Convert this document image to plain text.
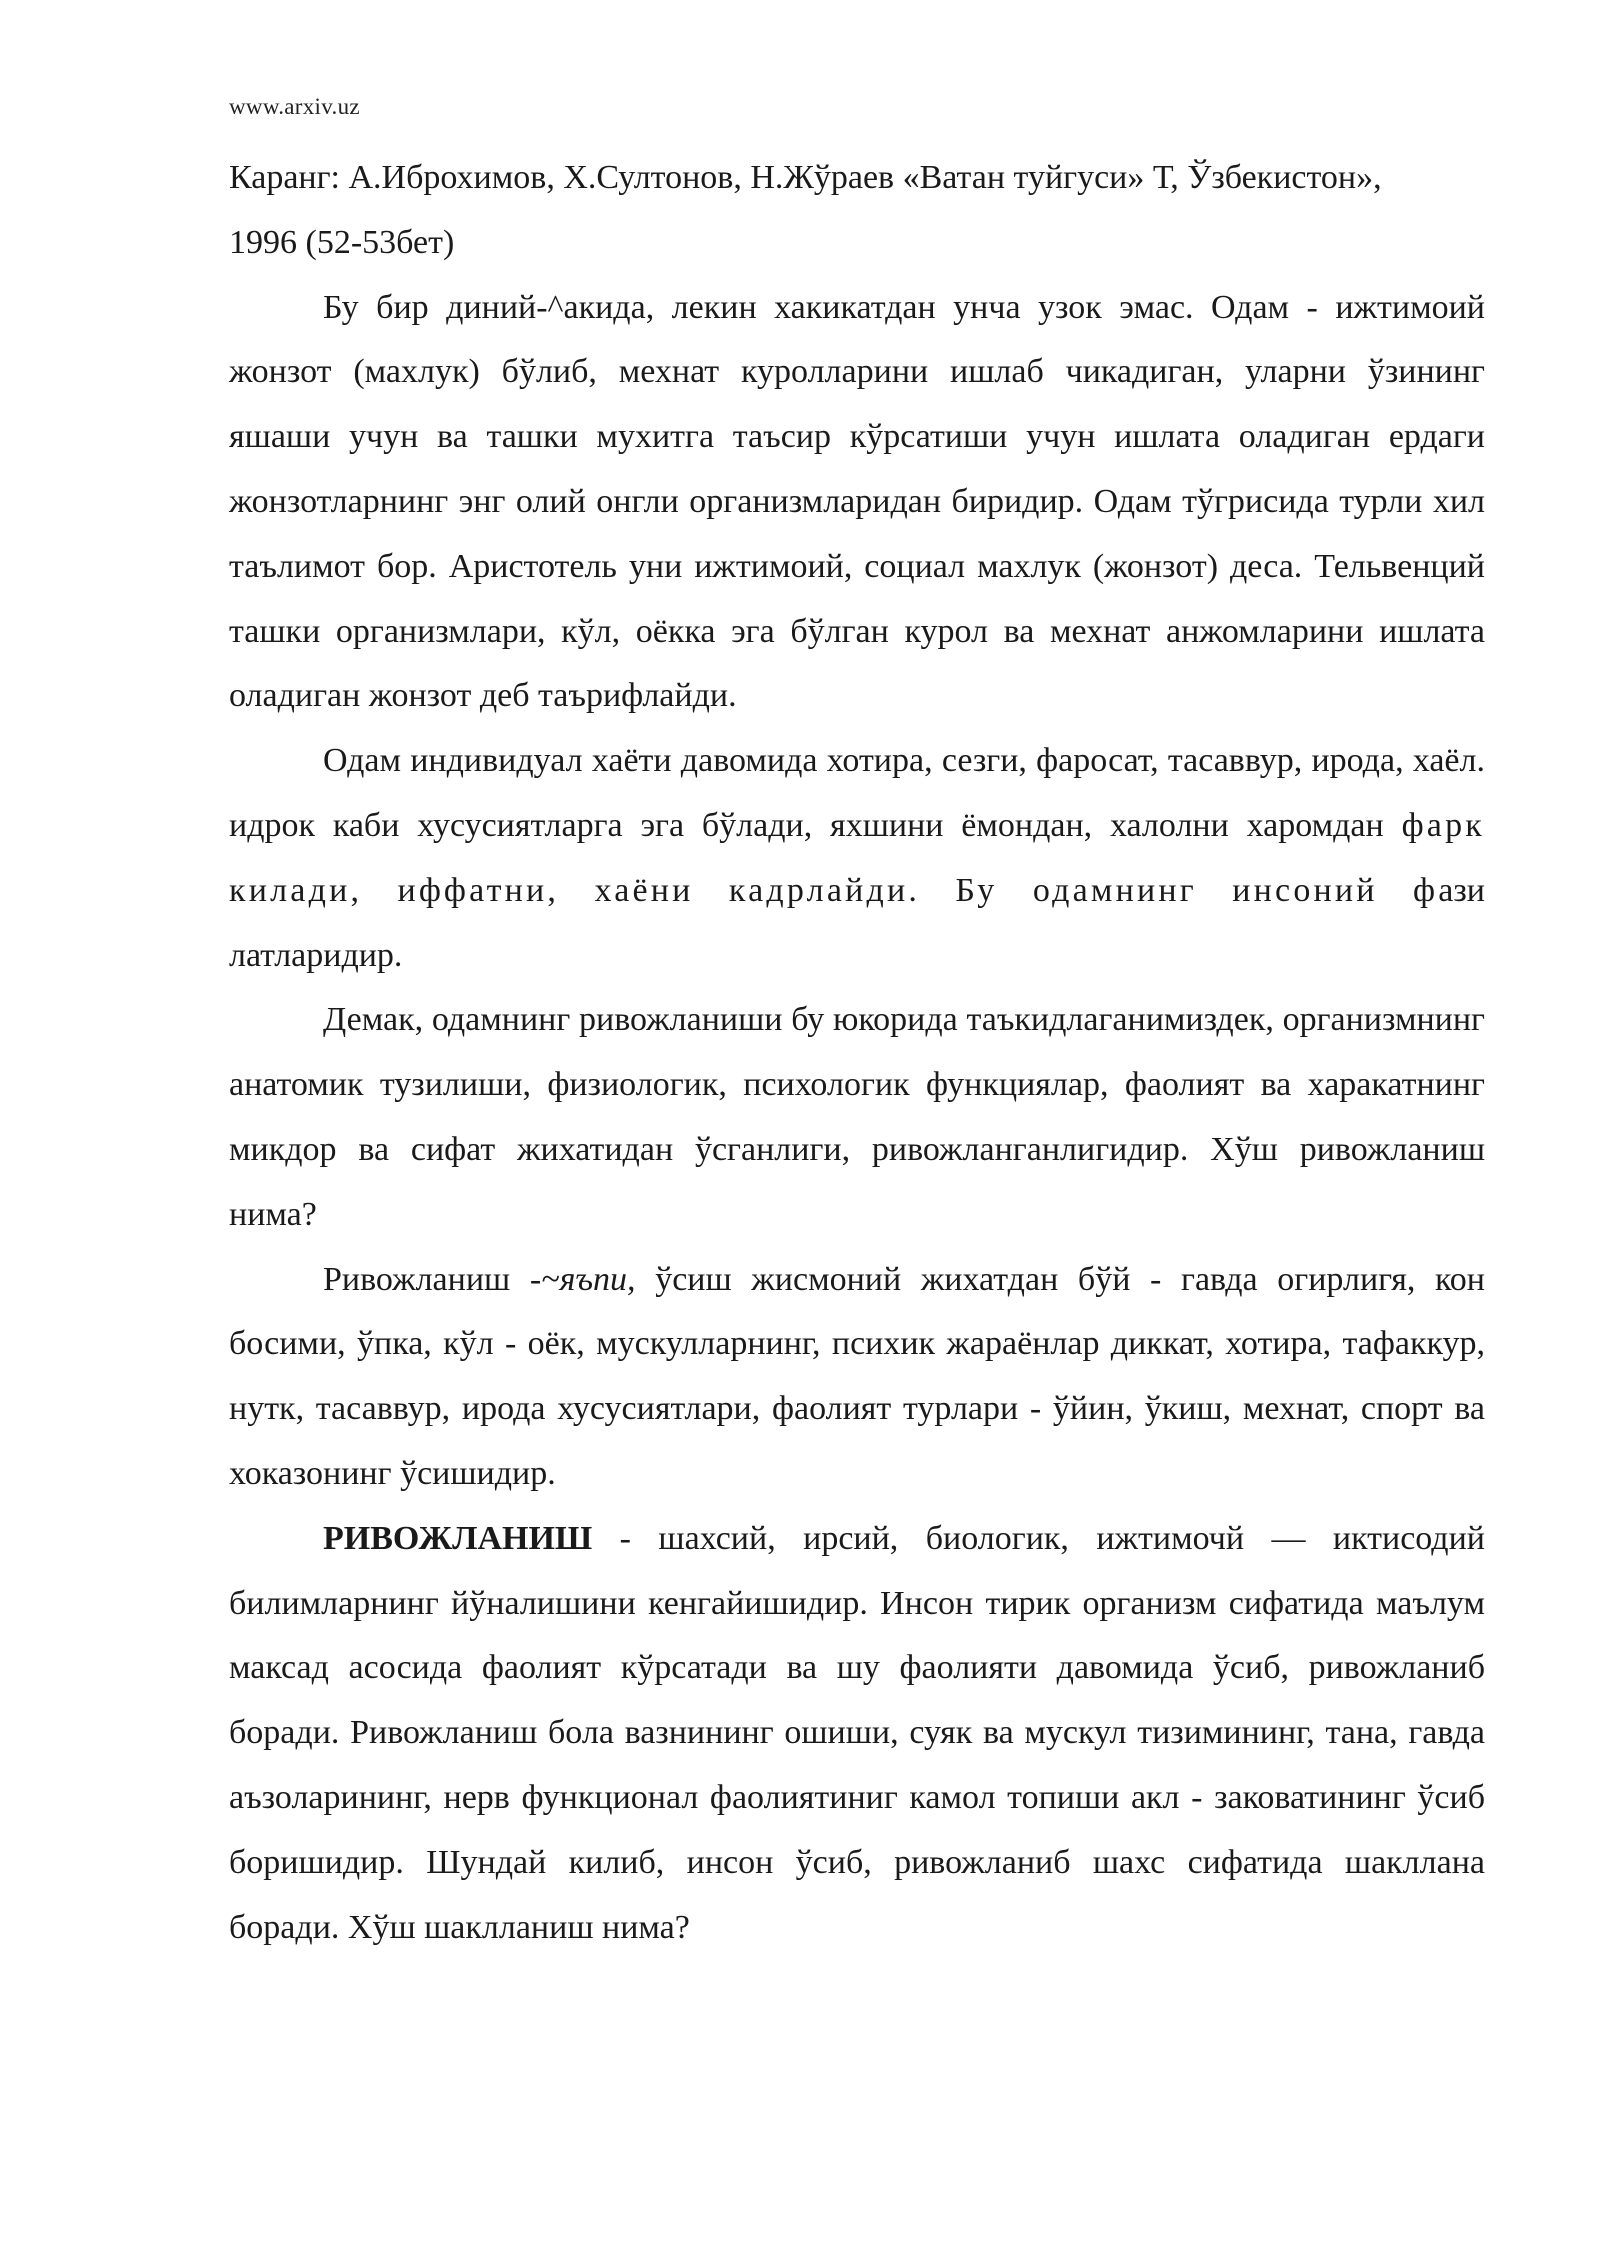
www.arxiv.uz

Каранг: А.Иброхимов, Х.Султонов, Н.Жўраев «Ватан туйгуси» Т, Ўзбекистон»,
1996 (52-53бет)

Бу бир диний-^акида, лекин хакикатдан унча узок эмас. Одам - ижтимоий жонзот (махлук) бўлиб, мехнат куролларини ишлаб чикадиган, уларни ўзининг яшаши учун ва ташки мухитга таъсир кўрсатиши учун ишлата оладиган ердаги жонзотларнинг энг олий онгли организмларидан биридир. Одам тўгрисида турли хил таълимот бор. Аристотель уни ижтимоий, социал махлук (жонзот) деса. Тельвенций ташки организмлари, кўл, оёкка эга бўлган курол ва мехнат анжомларини ишлата оладиган жонзот деб таърифлайди.

Одам индивидуал хаёти давомида хотира, сезги, фаросат, тасаввур, ирода, хаёл. идрок каби хусусиятларга эга бўлади, яхшини ёмондан, халолни харомдан фарк килади, иффатни, хаёни кадрлайди. Бу одамнинг инсоний фази латларидир.

Демак, одамнинг ривожланиши бу юкорида таъкидлаганимиздек, организмнинг анатомик тузилиши, физиологик, психологик функциялар, фаолият ва харакатнинг микдор ва сифат жихатидан ўсганлиги, ривожланганлигидир. Хўш ривожланиш нима?

Ривожланиш -~яъпи, ўсиш жисмоний жихатдан бўй - гавда огирлигя, кон босими, ўпка, кўл - оёк, мускулларнинг, психик жараёнлар диккат, хотира, тафаккур, нутк, тасаввур, ирода хусусиятлари, фаолият турлари - ўйин, ўкиш, мехнат, спорт ва хоказонинг ўсишидир.

РИВОЖЛАНИШ - шахсий, ирсий, биологик, ижтимочй — иктисодий билимларнинг йўналишини кенгайишидир. Инсон тирик организм сифатида маълум максад асосида фаолият кўрсатади ва шу фаолияти давомида ўсиб, ривожланиб боради. Ривожланиш бола вазнининг ошиши, суяк ва мускул тизимининг, тана, гавда аъзоларининг, нерв функционал фаолиятиниг камол топиши акл - заковатининг ўсиб боришидир. Шундай килиб, инсон ўсиб, ривожланиб шахс сифатида шакллана боради. Хўш шаклланиш нима?
